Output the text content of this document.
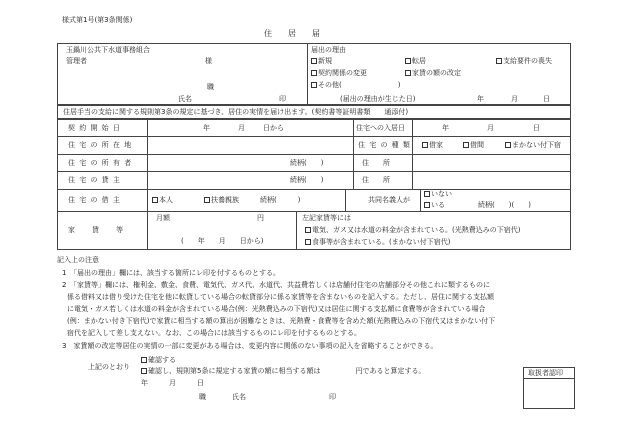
様式第1号(第3条関係)
住　　居　　届
玉鍋川公共下水道事務組合
管理者	様
職
氏名	印
届出の理由
新規	転居	支給要件の喪失
契約関係の変更	家賃の額の改定
その他(　　　　　　　　)
(届出の理由が生じた日)	年	月	日
住居手当の支給に関する規則第3条の規定に基づき、居住の実情を届け出ます。(契約書等証明書類　　通添付)
契 約 開 始 日	年	月	日から	住宅への入居日	年	月	日
住 宅 の 所 在 地	住 宅 の 種 類	借家	借間	まかない付下宿
住 宅 の 所 有 者	続柄(　　)	住　　所
住 宅 の 貸 主	続柄(　　)	住　　所
住 宅 の 借 主	本人	扶養親族	続柄(　　　)	共同名義人が
いない
いる	続柄(　　)(　　)
家　　賃　　等
月額	円
(　　年　　月　　日から)
左記家賃等には
電気、ガス又は水道の料金が含まれている。(光熱費込みの下宿代)
食事等が含まれている。(まかない付下宿代)
記入上の注意
1　「届出の理由」欄には、該当する箇所にレ印を付するものとする。
2　「家賃等」欄には、権利金、敷金、食費、電気代、ガス代、水道代、共益費若しくは店舗付住宅の店舗部分その他これに類するものに
係る借料又は借り受けた住宅を他に転貸している場合の転貸部分に係る家賃等を含まないものを記入する。ただし、居住に関する支払額
に電気・ガス若しくは水道の料金が含まれている場合(例：光熱費込みの下宿代)又は居住に関する支払額に食費等が含まれている場合
(例：まかない付き下宿代)で家賃に相当する額の算出が困難なときは、光熱費・食費等を含めた額(光熱費込みの下宿代又はまかない付下
宿代を記入して差し支えない。なお、この場合には該当するものにレ印を付するものとする。
3　家賃額の改定等居住の実情の一部に変更がある場合は、変更内容に関係のない事項の記入を省略することができる。
上記のとおり
確認する
確認し、規則第5条に規定する家賃の額に相当する額は　　　　　円であると算定する。
年　　　月　　　日
職	氏名	印
取扱者認印
